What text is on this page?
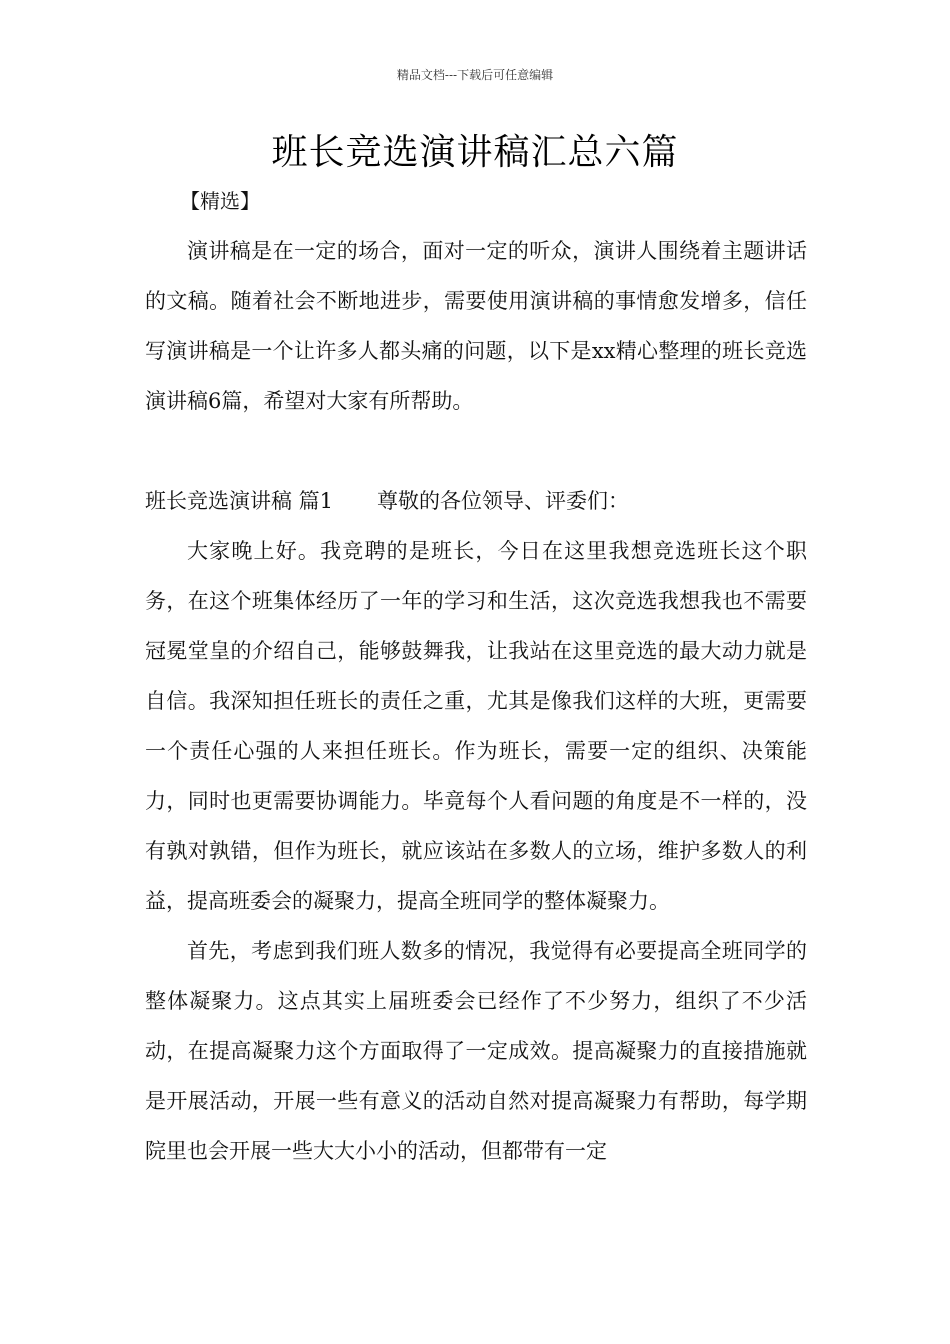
精品文档---下载后可任意编辑
班长竞选演讲稿汇总六篇
【精选】

演讲稿是在一定的场合，面对一定的听众，演讲人围绕着主题讲话的文稿。随着社会不断地进步，需要使用演讲稿的事情愈发增多，信任写演讲稿是一个让许多人都头痛的问题，以下是xx精心整理的班长竞选演讲稿6篇，希望对大家有所帮助。

班长竞选演讲稿 篇1 尊敬的各位领导、评委们：

大家晚上好。我竞聘的是班长，今日在这里我想竞选班长这个职务，在这个班集体经历了一年的学习和生活，这次竞选我想我也不需要冠冕堂皇的介绍自己，能够鼓舞我，让我站在这里竞选的最大动力就是自信。我深知担任班长的责任之重，尤其是像我们这样的大班，更需要一个责任心强的人来担任班长。作为班长，需要一定的组织、决策能力，同时也更需要协调能力。毕竟每个人看问题的角度是不一样的，没有孰对孰错，但作为班长，就应该站在多数人的立场，维护多数人的利益，提高班委会的凝聚力，提高全班同学的整体凝聚力。

首先，考虑到我们班人数多的情况，我觉得有必要提高全班同学的整体凝聚力。这点其实上届班委会已经作了不少努力，组织了不少活动，在提高凝聚力这个方面取得了一定成效。提高凝聚力的直接措施就是开展活动，开展一些有意义的活动自然对提高凝聚力有帮助，每学期院里也会开展一些大大小小的活动，但都带有一定
